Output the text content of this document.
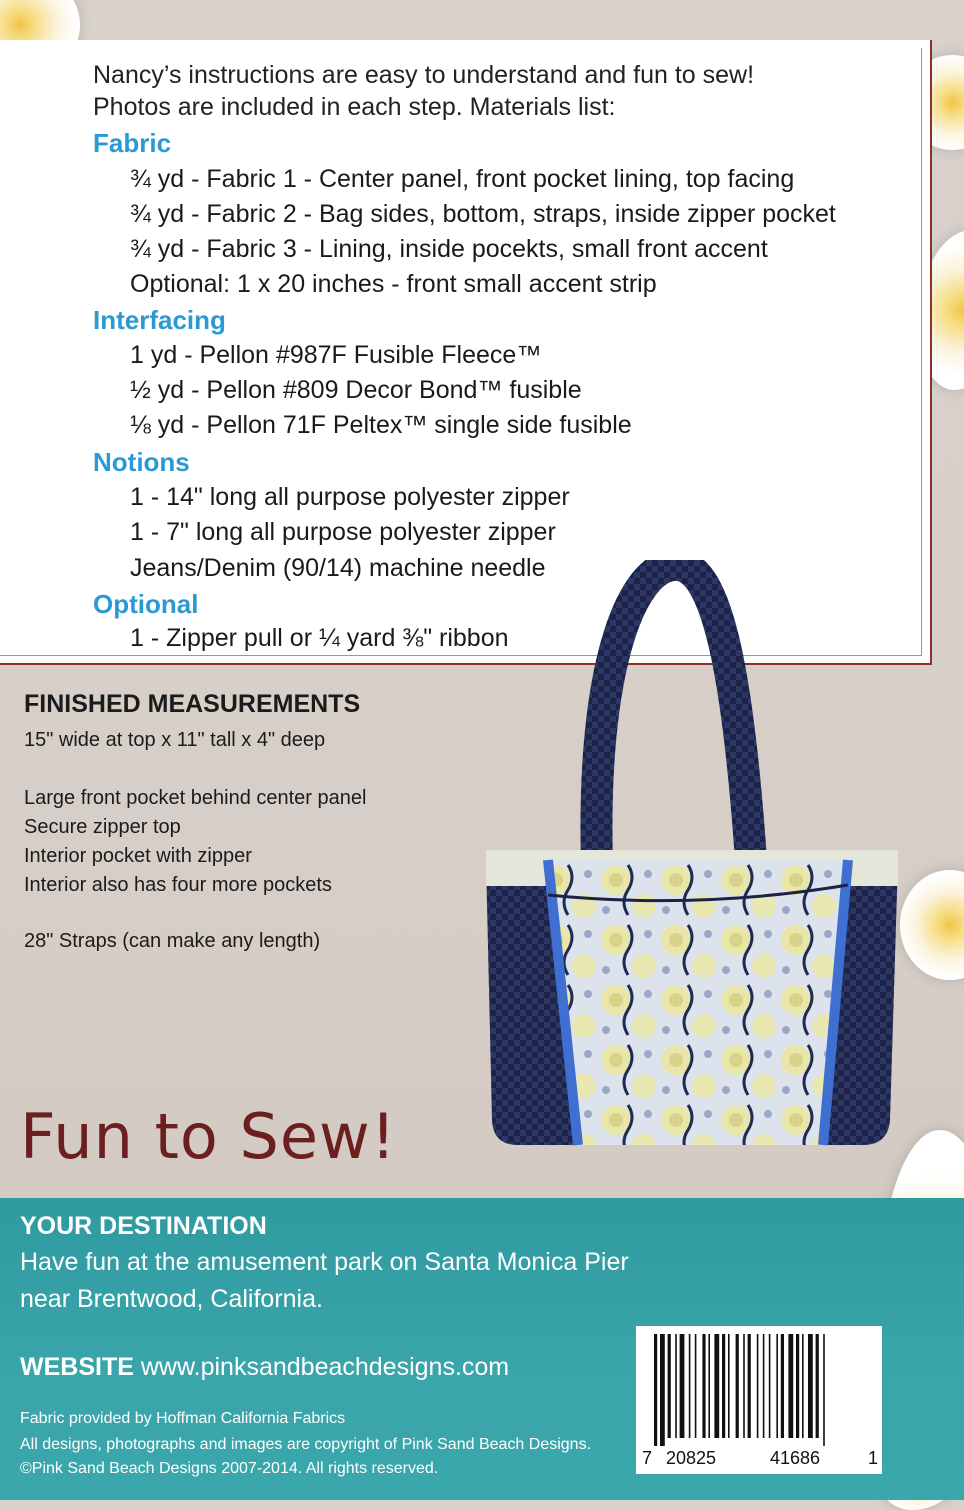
Nancy’s instructions are easy to understand and fun to sew!
Photos are included in each step. Materials list:
Fabric
¾ yd - Fabric 1 - Center panel, front pocket lining, top facing
¾ yd - Fabric 2 - Bag sides, bottom, straps, inside zipper pocket
¾ yd - Fabric 3 - Lining, inside pocekts, small front accent
Optional: 1 x 20 inches - front small accent strip
Interfacing
1 yd - Pellon #987F Fusible Fleece™
½ yd - Pellon #809 Decor Bond™ fusible
⅛ yd - Pellon 71F Peltex™ single side fusible
Notions
1 - 14" long all purpose polyester zipper
1 - 7" long all purpose polyester zipper
Jeans/Denim (90/14) machine needle
Optional
1 - Zipper pull or ¼ yard ⅜" ribbon
FINISHED MEASUREMENTS
15" wide at top x 11" tall x 4" deep
Large front pocket behind center panel
Secure zipper top
Interior pocket with zipper
Interior also has four more pockets
28" Straps (can make any length)
Fun to Sew!
YOUR DESTINATION
Have fun at the amusement park on Santa Monica Pier
near Brentwood, California.
WEBSITE www.pinksandbeachdesigns.com
Fabric provided by Hoffman California Fabrics
All designs, photographs and images are copyright of Pink Sand Beach Designs.
©Pink Sand Beach Designs 2007-2014. All rights reserved.
7 20825	41686	1
